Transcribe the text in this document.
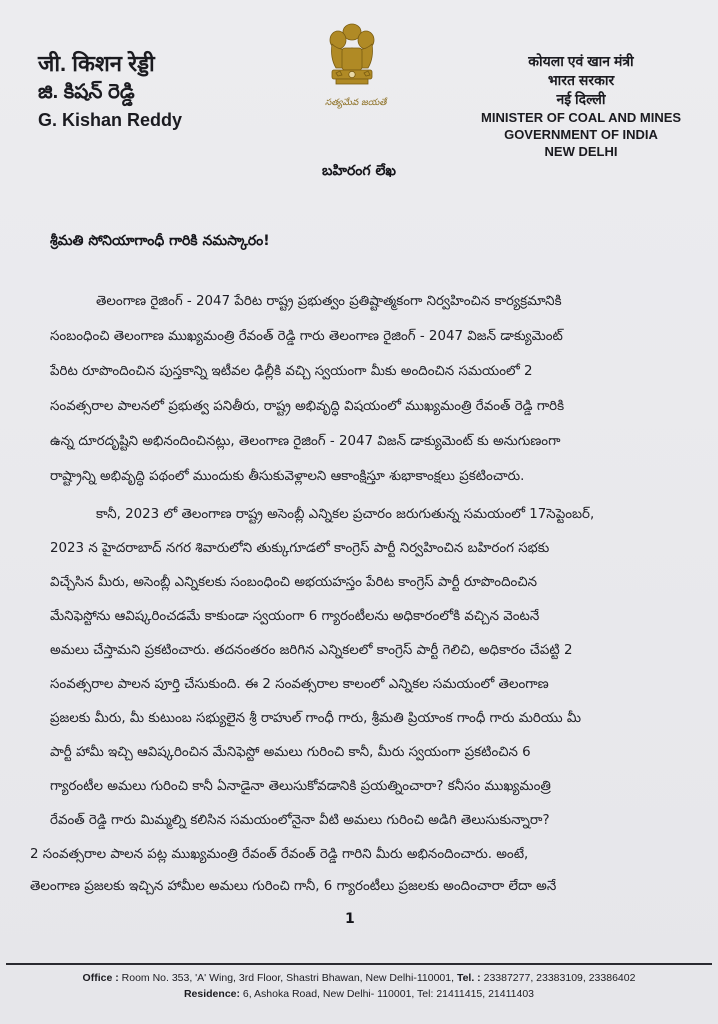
जी. किशन रेड्डी
జి. కిషన్ రెడ్డి
G. Kishan Reddy
సత్యమేవ జయతే
कोयला एवं खान मंत्री
भारत सरकार
नई दिल्ली
MINISTER OF COAL AND MINES
GOVERNMENT OF INDIA
NEW DELHI
బహిరంగ లేఖ
శ్రీమతి సోనియాగాంధీ గారికి నమస్కారం!
తెలంగాణ రైజింగ్ - 2047 పేరిట రాష్ట్ర ప్రభుత్వం ప్రతిష్టాత్మకంగా నిర్వహించిన కార్యక్రమానికి
సంబంధించి తెలంగాణ ముఖ్యమంత్రి రేవంత్ రెడ్డి గారు తెలంగాణ రైజింగ్ - 2047 విజన్ డాక్యుమెంట్
పేరిట రూపొందించిన పుస్తకాన్ని ఇటీవల ఢిల్లీకి వచ్చి స్వయంగా మీకు అందించిన సమయంలో 2
సంవత్సరాల పాలనలో ప్రభుత్వ పనితీరు, రాష్ట్ర అభివృద్ధి విషయంలో ముఖ్యమంత్రి రేవంత్ రెడ్డి గారికి
ఉన్న దూరదృష్టిని అభినందించినట్లు, తెలంగాణ రైజింగ్ - 2047 విజన్ డాక్యుమెంట్ కు అనుగుణంగా
రాష్ట్రాన్ని అభివృద్ధి పథంలో ముందుకు తీసుకువెళ్లాలని ఆకాంక్షిస్తూ శుభాకాంక్షలు ప్రకటించారు.
కానీ, 2023 లో తెలంగాణ రాష్ట్ర అసెంబ్లీ ఎన్నికల ప్రచారం జరుగుతున్న సమయంలో 17సెప్టెంబర్,
2023 న హైదరాబాద్ నగర శివారులోని తుక్కుగూడలో కాంగ్రెస్ పార్టీ నిర్వహించిన బహిరంగ సభకు
విచ్చేసిన మీరు, అసెంబ్లీ ఎన్నికలకు సంబంధించి అభయహస్తం పేరిట కాంగ్రెస్ పార్టీ రూపొందించిన
మేనిఫెస్టోను ఆవిష్కరించడమే కాకుండా స్వయంగా 6 గ్యారంటీలను అధికారంలోకి వచ్చిన వెంటనే
అమలు చేస్తామని ప్రకటించారు. తదనంతరం జరిగిన ఎన్నికలలో కాంగ్రెస్ పార్టీ గెలిచి, అధికారం చేపట్టి 2
సంవత్సరాల పాలన పూర్తి చేసుకుంది. ఈ 2 సంవత్సరాల కాలంలో ఎన్నికల సమయంలో తెలంగాణ
ప్రజలకు మీరు, మీ కుటుంబ సభ్యులైన శ్రీ రాహుల్ గాంధీ గారు, శ్రీమతి ప్రియాంక గాంధీ గారు మరియు మీ
పార్టీ హామీ ఇచ్చి ఆవిష్కరించిన మేనిఫెస్టో అమలు గురించి కానీ, మీరు స్వయంగా ప్రకటించిన 6
గ్యారంటీల అమలు గురించి కానీ ఏనాడైనా తెలుసుకోవడానికి ప్రయత్నించారా? కనీసం ముఖ్యమంత్రి
రేవంత్ రెడ్డి గారు మిమ్మల్ని కలిసిన సమయంలోనైనా వీటి అమలు గురించి అడిగి తెలుసుకున్నారా?
2 సంవత్సరాల పాలన పట్ల ముఖ్యమంత్రి రేవంత్ రేవంత్ రెడ్డి గారిని మీరు అభినందించారు. అంటే,
తెలంగాణ ప్రజలకు ఇచ్చిన హామీల అమలు గురించి గానీ, 6 గ్యారంటీలు ప్రజలకు అందించారా లేదా అనే
1
Office : Room No. 353, 'A' Wing, 3rd Floor, Shastri Bhawan, New Delhi-110001, Tel. : 23387277, 23383109, 23386402
Residence: 6, Ashoka Road, New Delhi- 110001, Tel: 21411415, 21411403
